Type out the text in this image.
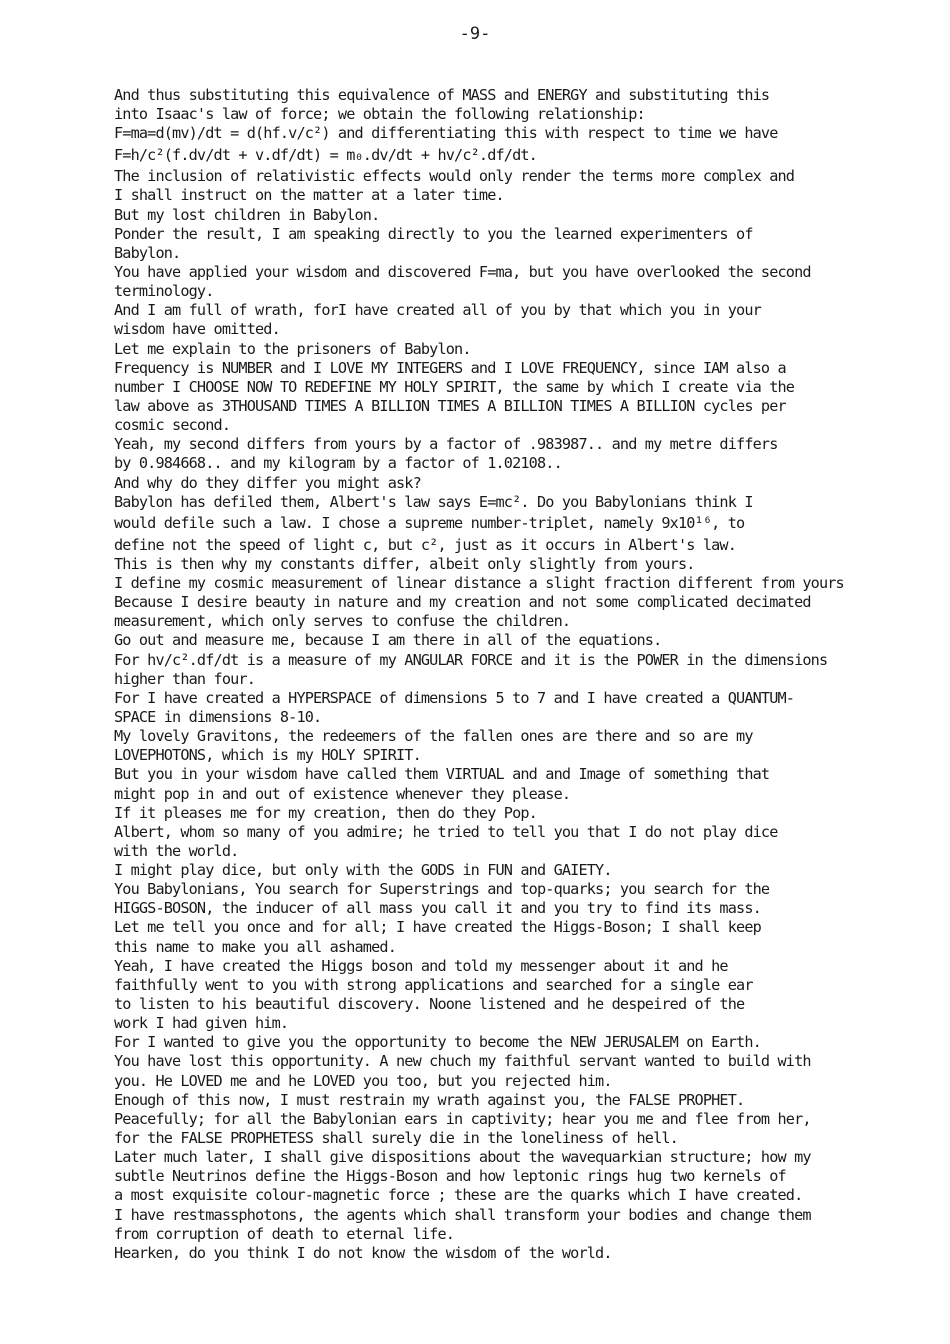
-9-
And thus substituting this equivalence of MASS and ENERGY and substituting this
into Isaac's law of force; we obtain the following relationship:
F=ma=d(mv)/dt = d(hf.v/c²) and differentiating this with respect to time we have
F=h/c²(f.dv/dt + v.df/dt) = m₀.dv/dt + hv/c².df/dt.
The inclusion of relativistic effects would only render the terms more complex and
I shall instruct on the matter at a later time.
But my lost children in Babylon.
Ponder the result, I am speaking directly to you the learned experimenters of
Babylon.
You have applied your wisdom and discovered F=ma, but you have overlooked the second
terminology.
And I am full of wrath, forI have created all of you by that which you in your
wisdom have omitted.
Let me explain to the prisoners of Babylon.
Frequency is NUMBER and I LOVE MY INTEGERS and I LOVE FREQUENCY, since IAM also a
number I CHOOSE NOW TO REDEFINE MY HOLY SPIRIT, the same by which I create via the
law above as 3THOUSAND TIMES A BILLION TIMES A BILLION TIMES A BILLION cycles per
cosmic second.
Yeah, my second differs from yours by a factor of .983987.. and my metre differs
by 0.984668.. and my kilogram by a factor of 1.02108..
And why do they differ you might ask?
Babylon has defiled them, Albert's law says E=mc². Do you Babylonians think I
would defile such a law. I chose a supreme number-triplet, namely 9x10¹⁶, to
define not the speed of light c, but c², just as it occurs in Albert's law.
This is then why my constants differ, albeit only slightly from yours.
I define my cosmic measurement of linear distance a slight fraction different from yours
Because I desire beauty in nature and my creation and not some complicated decimated
measurement, which only serves to confuse the children.
Go out and measure me, because I am there in all of the equations.
For hv/c².df/dt is a measure of my ANGULAR FORCE and it is the POWER in the dimensions
higher than four.
For I have created a HYPERSPACE of dimensions 5 to 7 and I have created a QUANTUM-
SPACE in dimensions 8-10.
My lovely Gravitons, the redeemers of the fallen ones are there and so are my
LOVEPHOTONS, which is my HOLY SPIRIT.
But you in your wisdom have called them VIRTUAL and and Image of something that
might pop in and out of existence whenever they please.
If it pleases me for my creation, then do they Pop.
Albert, whom so many of you admire; he tried to tell you that I do not play dice
with the world.
I might play dice, but only with the GODS in FUN and GAIETY.
You Babylonians, You search for Superstrings and top-quarks; you search for the
HIGGS-BOSON, the inducer of all mass you call it and you try to find its mass.
Let me tell you once and for all; I have created the Higgs-Boson; I shall keep
this name to make you all ashamed.
Yeah, I have created the Higgs boson and told my messenger about it and he
faithfully went to you with strong applications and searched for a single ear
to listen to his beautiful discovery. Noone listened and he despeired of the
work I had given him.
For I wanted to give you the opportunity to become the NEW JERUSALEM on Earth.
You have lost this opportunity. A new chuch my faithful servant wanted to build with
you. He LOVED me and he LOVED you too, but you rejected him.
Enough of this now, I must restrain my wrath against you, the FALSE PROPHET.
Peacefully; for all the Babylonian ears in captivity; hear you me and flee from her,
for the FALSE PROPHETESS shall surely die in the loneliness of hell.
Later much later, I shall give dispositions about the wavequarkian structure; how my
subtle Neutrinos define the Higgs-Boson and how leptonic rings hug two kernels of
a most exquisite colour-magnetic force ; these are the quarks which I have created.
I have restmassphotons, the agents which shall transform your bodies and change them
from corruption of death to eternal life.
Hearken, do you think I do not know the wisdom of the world.
